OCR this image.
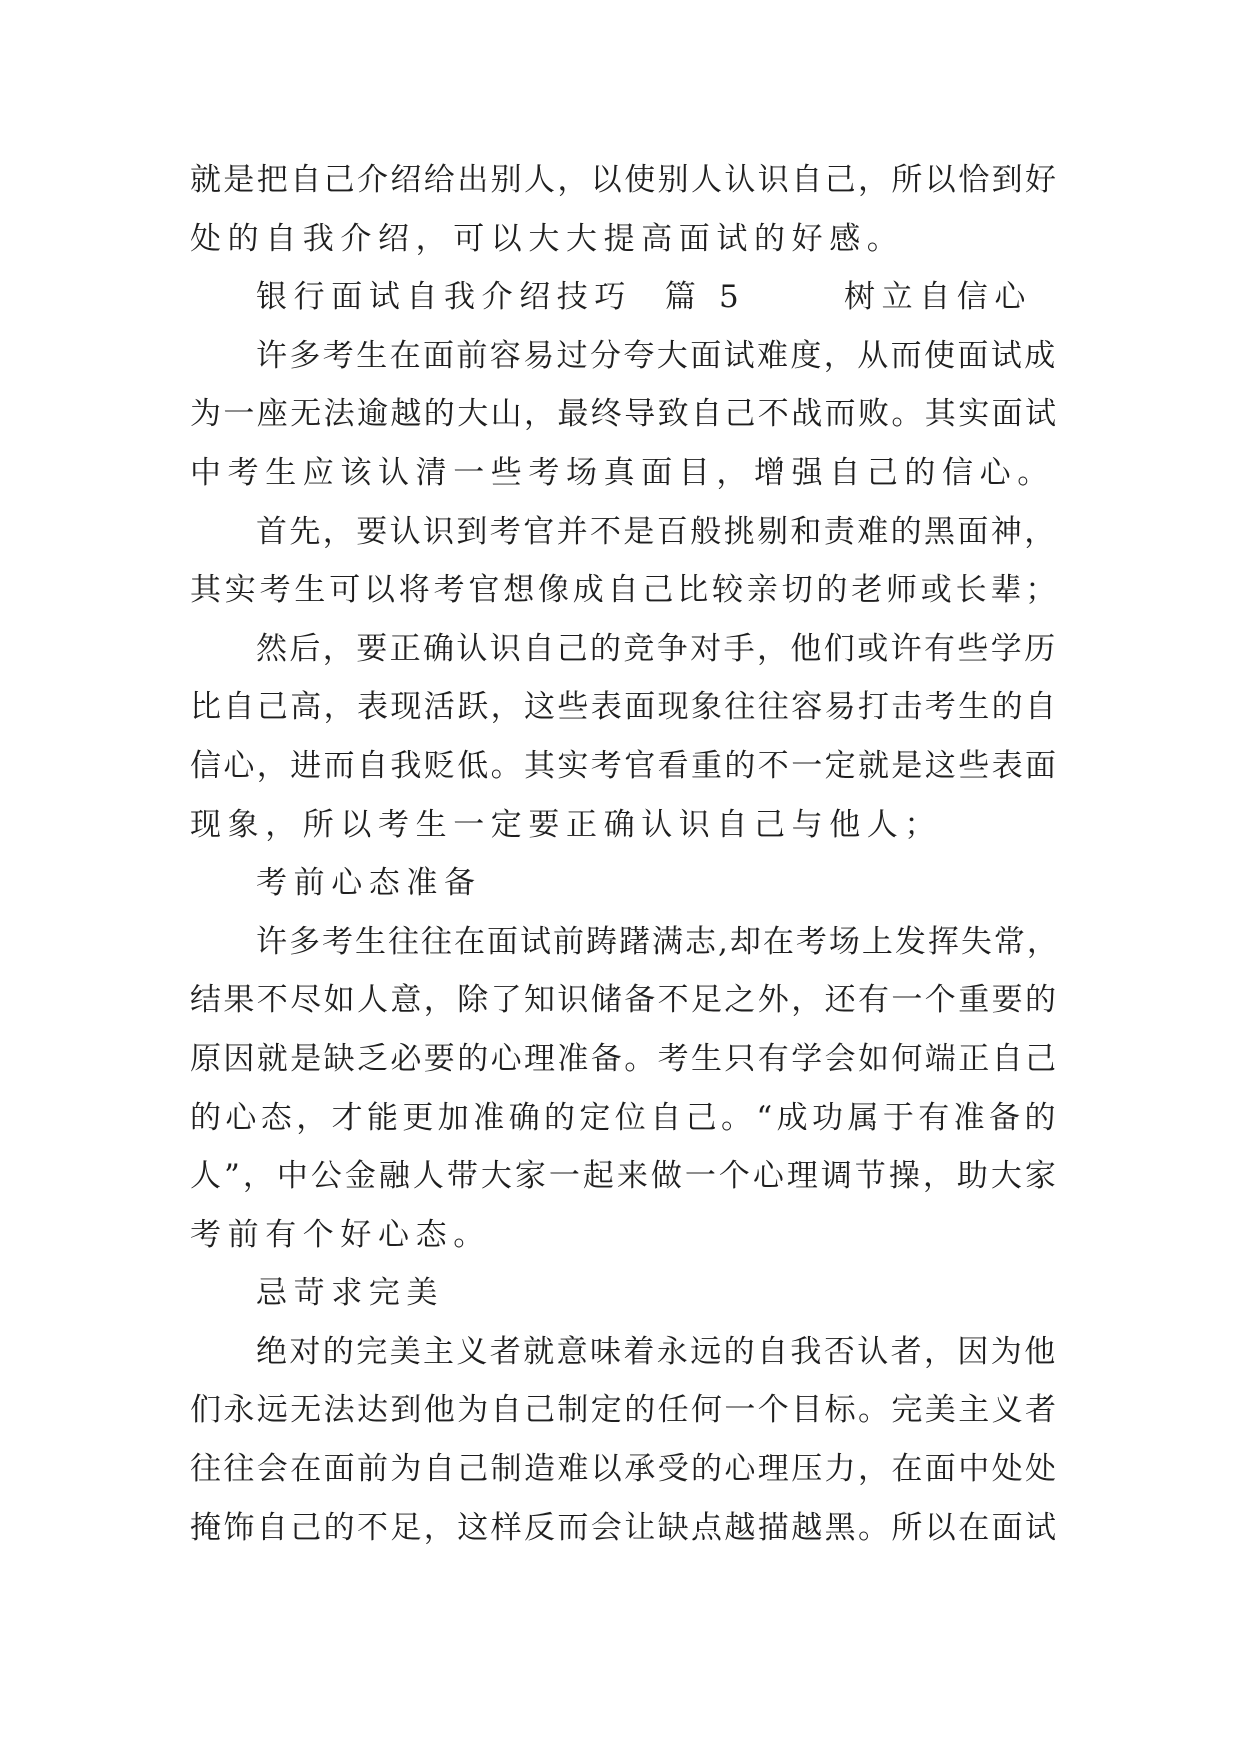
就是把自己介绍给出别人，以使别人认识自己，所以恰到好
处的自我介绍，可以大大提高面试的好感。
银行面试自我介绍技巧  篇 5      树立自信心
许多考生在面前容易过分夸大面试难度，从而使面试成
为一座无法逾越的大山，最终导致自己不战而败。其实面试
中考生应该认清一些考场真面目，增强自己的信心。
首先，要认识到考官并不是百般挑剔和责难的黑面神，
其实考生可以将考官想像成自己比较亲切的老师或长辈；
然后，要正确认识自己的竞争对手，他们或许有些学历
比自己高，表现活跃，这些表面现象往往容易打击考生的自
信心，进而自我贬低。其实考官看重的不一定就是这些表面
现象，所以考生一定要正确认识自己与他人；
考前心态准备
许多考生往往在面试前踌躇满志,却在考场上发挥失常，
结果不尽如人意，除了知识储备不足之外，还有一个重要的
原因就是缺乏必要的心理准备。考生只有学会如何端正自己
的心态，才能更加准确的定位自己。“成功属于有准备的
人”，中公金融人带大家一起来做一个心理调节操，助大家
考前有个好心态。
忌苛求完美
绝对的完美主义者就意味着永远的自我否认者，因为他
们永远无法达到他为自己制定的任何一个目标。完美主义者
往往会在面前为自己制造难以承受的心理压力，在面中处处
掩饰自己的不足，这样反而会让缺点越描越黑。所以在面试
